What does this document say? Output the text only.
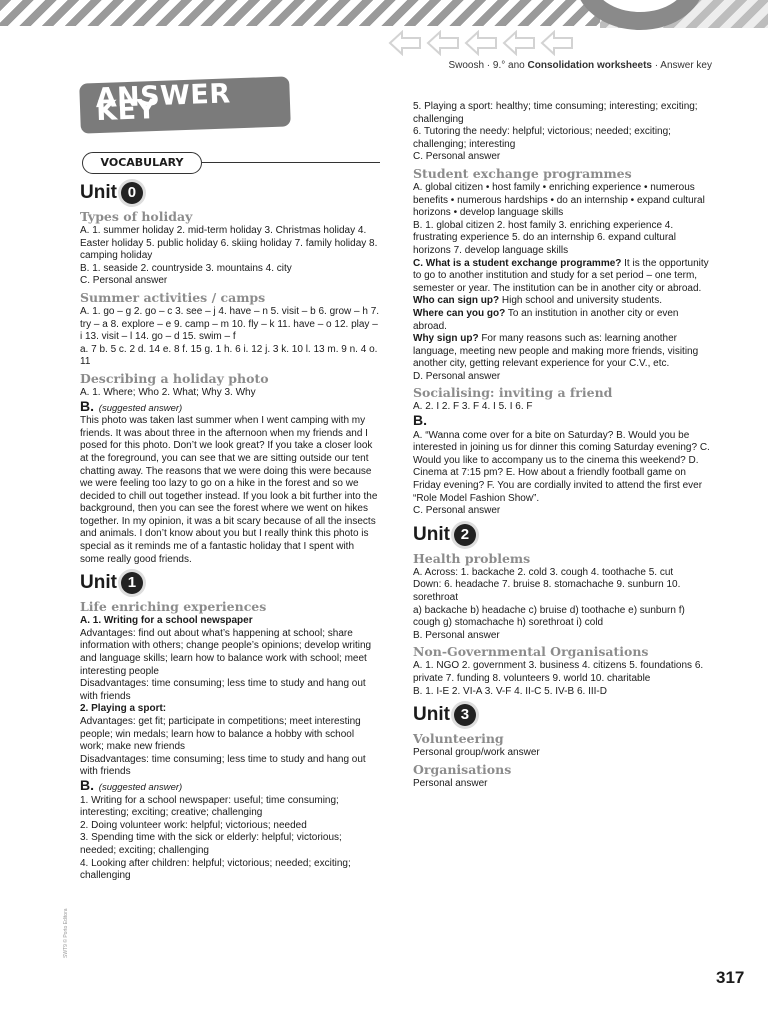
Swoosh · 9.° ano Consolidation worksheets · Answer key
ANSWER KEY
VOCABULARY
Unit 0
Types of holiday

A. 1. summer holiday 2. mid-term holiday 3. Christmas holiday 4. Easter holiday 5. public holiday 6. skiing holiday 7. family holiday 8. camping holiday

B. 1. seaside 2. countryside 3. mountains 4. city

C. Personal answer

Summer activities / camps

A. 1. go – g 2. go – c 3. see – j 4. have – n 5. visit – b 6. grow – h 7. try – a 8. explore – e 9. camp – m 10. fly – k 11. have – o 12. play – i 13. visit – l 14. go – d 15. swim – f

a. 7 b. 5 c. 2 d. 14 e. 8 f. 15 g. 1 h. 6 i. 12 j. 3 k. 10 l. 13 m. 9 n. 4 o. 11

Describing a holiday photo

A. 1. Where; Who 2. What; Why 3. Why

B. (suggested answer)

This photo was taken last summer when I went camping with my friends. It was about three in the afternoon when my friends and I posed for this photo. Don’t we look great? If you take a closer look at the foreground, you can see that we are sitting outside our tent chatting away. The reasons that we were doing this were because we were feeling too lazy to go on a hike in the forest and so we decided to chill out together instead. If you look a bit further into the background, then you can see the forest where we went on hikes together. In my opinion, it was a bit scary because of all the insects and animals. I don’t know about you but I really think this photo is special as it reminds me of a fantastic holiday that I spent with some really good friends.

Unit 1
Life enriching experiences

A. 1. Writing for a school newspaper

Advantages: find out about what’s happening at school; share information with others; change people’s opinions; develop writing and language skills; learn how to balance work with school; meet interesting people

Disadvantages: time consuming; less time to study and hang out with friends

2. Playing a sport:

Advantages: get fit; participate in competitions; meet interesting people; win medals; learn how to balance a hobby with school work; make new friends

Disadvantages: time consuming; less time to study and hang out with friends

B. (suggested answer)

1. Writing for a school newspaper: useful; time consuming; interesting; exciting; creative; challenging

2. Doing volunteer work: helpful; victorious; needed

3. Spending time with the sick or elderly: helpful; victorious; needed; exciting; challenging

4. Looking after children: helpful; victorious; needed; exciting; challenging

5. Playing a sport: healthy; time consuming; interesting; exciting; challenging

6. Tutoring the needy: helpful; victorious; needed; exciting; challenging; interesting

C. Personal answer

Student exchange programmes

A. global citizen • host family • enriching experience • numerous benefits • numerous hardships • do an internship • expand cultural horizons • develop language skills

B. 1. global citizen 2. host family 3. enriching experience 4. frustrating experience 5. do an internship 6. expand cultural horizons 7. develop language skills

C. What is a student exchange programme? It is the opportunity to go to another institution and study for a set period – one term, semester or year. The institution can be in another city or abroad.

Who can sign up? High school and university students.

Where can you go? To an institution in another city or even abroad.

Why sign up? For many reasons such as: learning another language, meeting new people and making more friends, visiting another city, getting relevant experience for your C.V., etc.

D. Personal answer

Socialising: inviting a friend

A. 2. I 2. F 3. F 4. I 5. I 6. F

B.

A. “Wanna come over for a bite on Saturday? B. Would you be interested in joining us for dinner this coming Saturday evening? C. Would you like to accompany us to the cinema this weekend? D. Cinema at 7:15 pm? E. How about a friendly football game on Friday evening? F. You are cordially invited to attend the first ever “Role Model Fashion Show”.

C. Personal answer

Unit 2
Health problems

A. Across: 1. backache 2. cold 3. cough 4. toothache 5. cut

Down: 6. headache 7. bruise 8. stomachache 9. sunburn 10. sorethroat

a) backache b) headache c) bruise d) toothache e) sunburn f) cough g) stomachache h) sorethroat i) cold

B. Personal answer

Non-Governmental Organisations

A. 1. NGO 2. government 3. business 4. citizens 5. foundations 6. private 7. funding 8. volunteers 9. world 10. charitable

B. 1. I-E 2. VI-A 3. V-F 4. II-C 5. IV-B 6. III-D

Unit 3
Volunteering

Personal group/work answer

Organisations

Personal answer

SWT9 © Porto Editora
317
